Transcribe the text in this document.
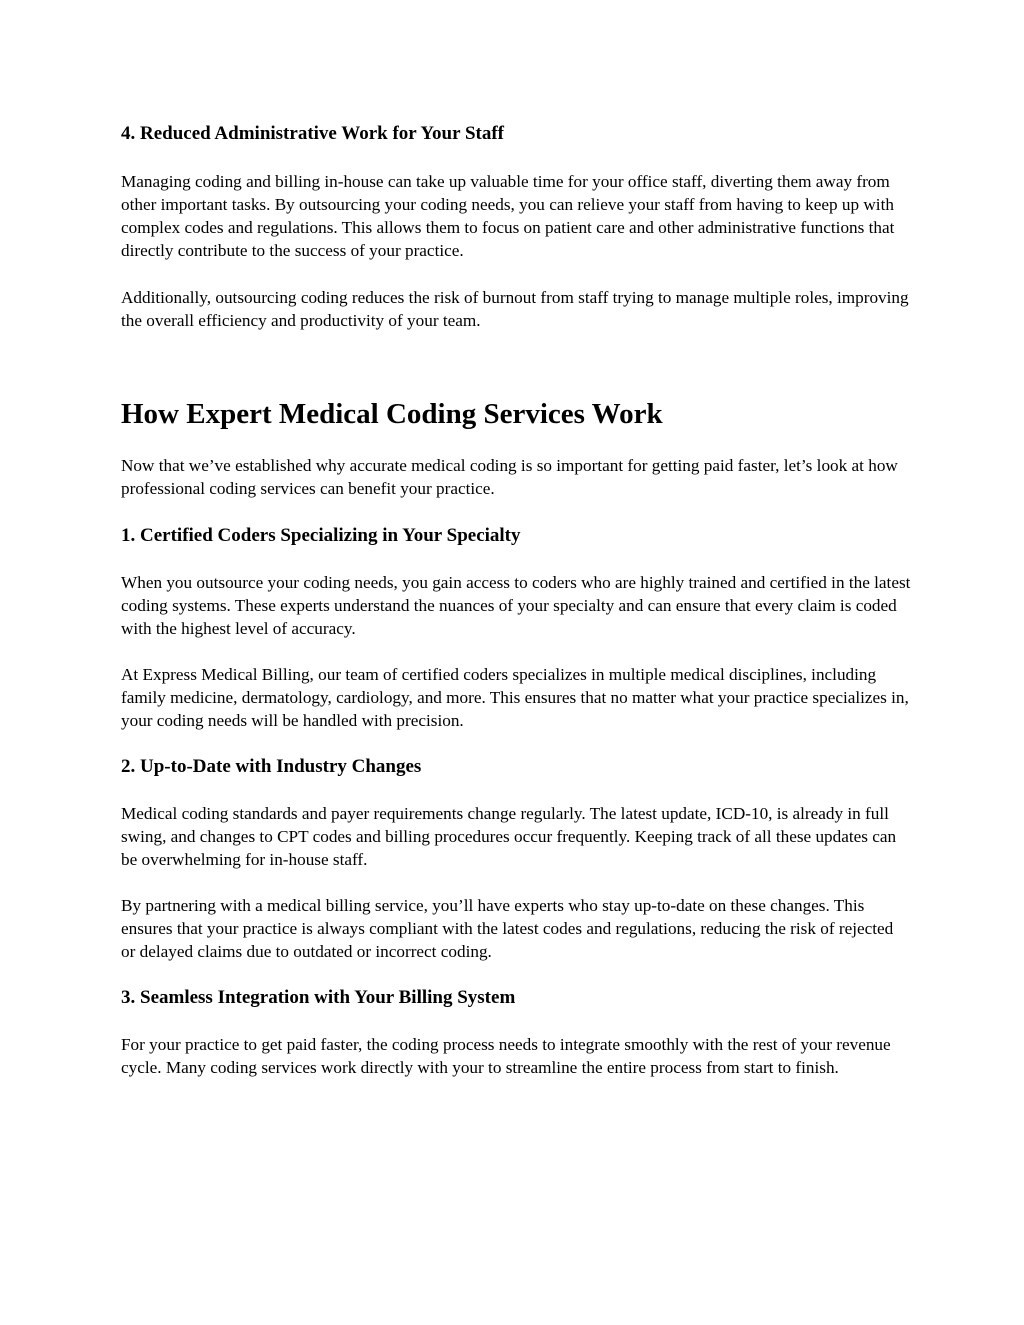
4. Reduced Administrative Work for Your Staff

Managing coding and billing in-house can take up valuable time for your office staff, diverting them away from other important tasks. By outsourcing your coding needs, you can relieve your staff from having to keep up with complex codes and regulations. This allows them to focus on patient care and other administrative functions that directly contribute to the success of your practice.

Additionally, outsourcing coding reduces the risk of burnout from staff trying to manage multiple roles, improving the overall efficiency and productivity of your team.

How Expert Medical Coding Services Work

Now that we’ve established why accurate medical coding is so important for getting paid faster, let’s look at how professional coding services can benefit your practice.

1. Certified Coders Specializing in Your Specialty

When you outsource your coding needs, you gain access to coders who are highly trained and certified in the latest coding systems. These experts understand the nuances of your specialty and can ensure that every claim is coded with the highest level of accuracy.

At Express Medical Billing, our team of certified coders specializes in multiple medical disciplines, including family medicine, dermatology, cardiology, and more. This ensures that no matter what your practice specializes in, your coding needs will be handled with precision.

2. Up-to-Date with Industry Changes

Medical coding standards and payer requirements change regularly. The latest update, ICD-10, is already in full swing, and changes to CPT codes and billing procedures occur frequently. Keeping track of all these updates can be overwhelming for in-house staff.

By partnering with a medical billing service, you’ll have experts who stay up-to-date on these changes. This ensures that your practice is always compliant with the latest codes and regulations, reducing the risk of rejected or delayed claims due to outdated or incorrect coding.

3. Seamless Integration with Your Billing System

For your practice to get paid faster, the coding process needs to integrate smoothly with the rest of your revenue cycle. Many coding services work directly with your to streamline the entire process from start to finish.
